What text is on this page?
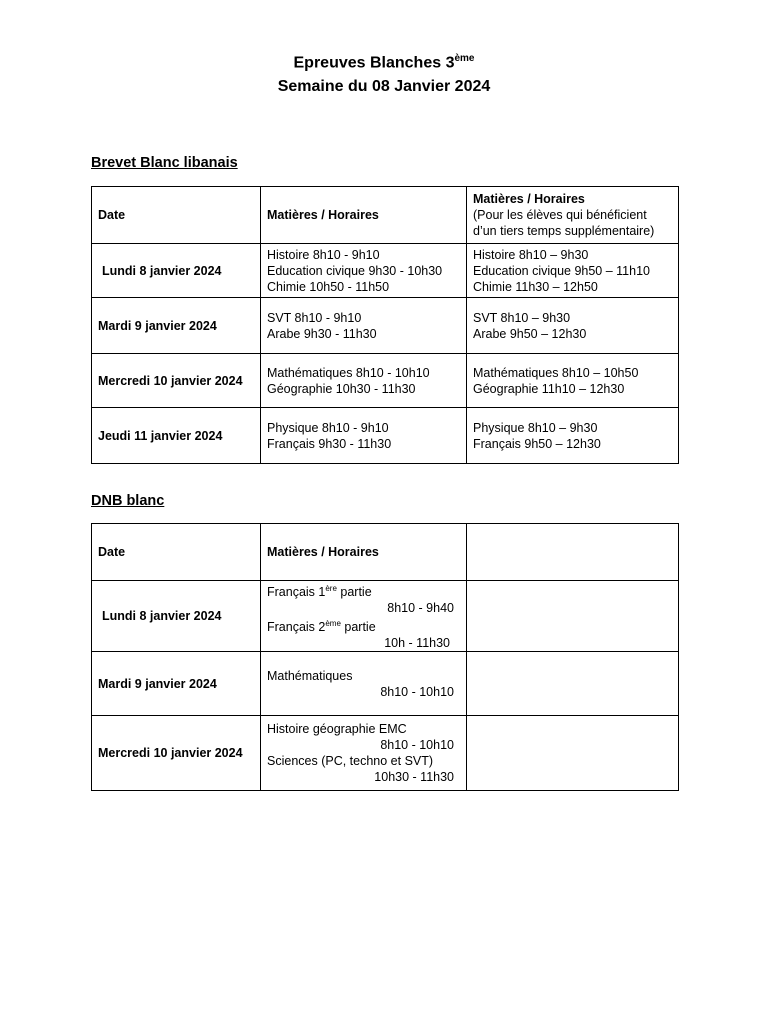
Epreuves Blanches 3ème
Semaine du 08 Janvier 2024
Brevet Blanc libanais
Date	Matières / Horaires	Matières / Horaires
(Pour les élèves qui bénéficient
d’un tiers temps supplémentaire)

Lundi 8 janvier 2024	Histoire 8h10 - 9h10
Education civique 9h30 - 10h30
Chimie 10h50 - 11h50	Histoire 8h10 – 9h30
Education civique 9h50 – 11h10
Chimie 11h30 – 12h50

Mardi 9 janvier 2024	SVT 8h10 - 9h10
Arabe 9h30 - 11h30	SVT 8h10 – 9h30
Arabe 9h50 – 12h30

Mercredi 10 janvier 2024	Mathématiques 8h10 - 10h10
Géographie 10h30 - 11h30	Mathématiques 8h10 – 10h50
Géographie 11h10 – 12h30

Jeudi 11 janvier 2024	Physique 8h10 - 9h10
Français 9h30 - 11h30	Physique 8h10 – 9h30
Français 9h50 – 12h30
DNB blanc
Date	Matières / Horaires	
Lundi 8 janvier 2024	Français 1ère partie
8h10 - 9h40
Français 2ème partie
10h - 11h30	

Mardi 9 janvier 2024	Mathématiques
8h10 - 10h10	

Mercredi 10 janvier 2024	Histoire géographie EMC
8h10 - 10h10
Sciences (PC, techno et SVT)
10h30 - 11h30	
